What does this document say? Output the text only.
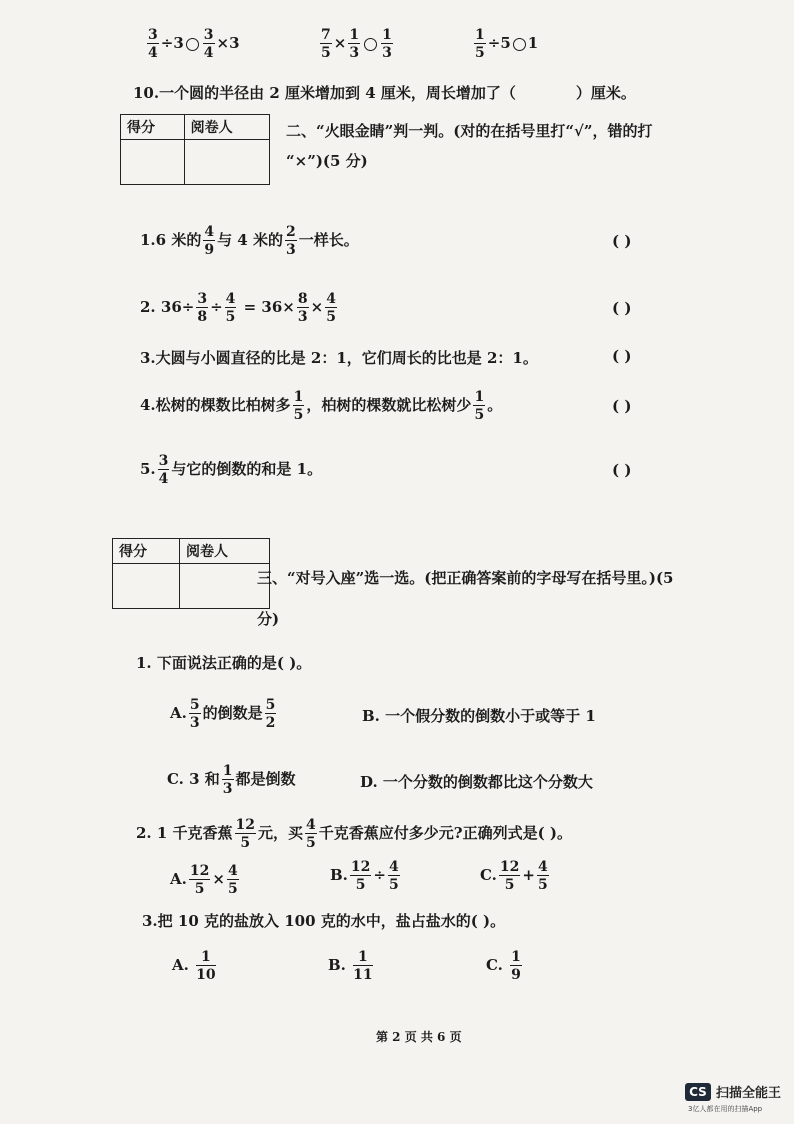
$\frac{3}{4} \div 3 \frac{3}{4} \times 3$	$\frac{7}{5} \times \frac{1}{3} \frac{1}{3}$	$\frac{1}{5} \div 5$ 1
10.一个圆的半径由 2 厘米增加到 4 厘米，周长增加了（	）厘米。
得分	阅卷人
		二、“火眼金睛”判一判。(对的在括号里打“√”，错的打
“×”)(5 分)
1.6 米的 $\frac{4}{9}$ 与 4 米的 $\frac{2}{3}$ 一样长。	( )
2. $36\div \frac{3}{8} \div \frac{4}{5} = 36\times \frac{8}{3} \times \frac{4}{5}$	( )
3.大圆与小圆直径的比是 2：1，它们周长的比也是 2：1。	( )
4.松树的棵数比柏树多 $\frac{1}{5}$ ，柏树的棵数就比松树少 $\frac{1}{5}$ 。	( )
5. $\frac{3}{4}$ 与它的倒数的和是 1。	( )
得分	阅卷人

三、“对号入座”选一选。(把正确答案前的字母写在括号里。)(5
分)
1. 下面说法正确的是( )。
A. $\frac{5}{3}$ 的倒数是 $\frac{5}{2}$	B. 一个假分数的倒数小于或等于 1
C. 3 和 $\frac{1}{3}$ 都是倒数	D. 一个分数的倒数都比这个分数大
2. 1 千克香蕉 $\frac{12}{5}$ 元，买 $\frac{4}{5}$ 千克香蕉应付多少元?正确列式是( )。
A. $\frac{12}{5} \times \frac{4}{5}$	B. $\frac{12}{5} \div \frac{4}{5}$	C. $\frac{12}{5} + \frac{4}{5}$
3.把 10 克的盐放入 100 克的水中，盐占盐水的( )。
A. $\frac{1}{10}$	B. $\frac{1}{11}$	C. $\frac{1}{9}$
第 2 页 共 6 页
CS 扫描全能王
3亿人都在用的扫描App
